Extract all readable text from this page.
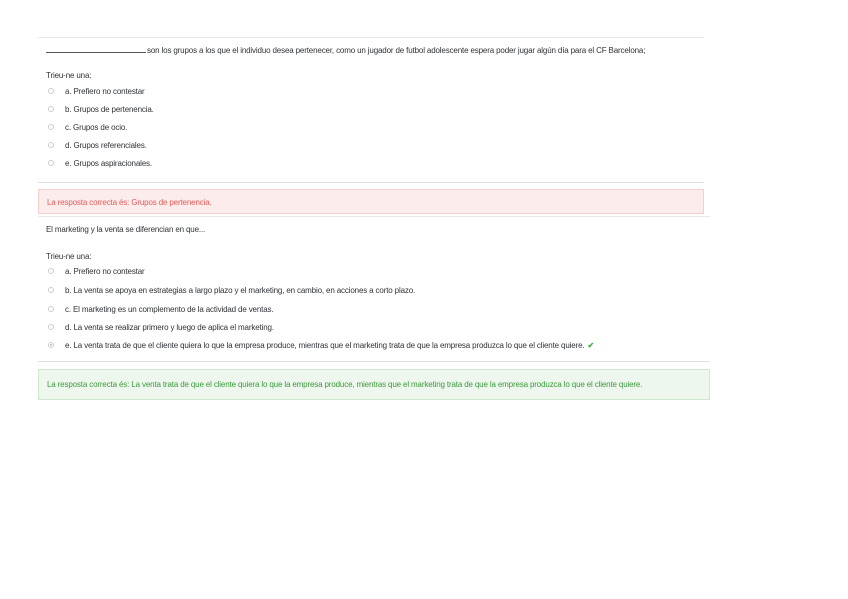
son los grupos a los que el individuo desea pertenecer, como un jugador de futbol adolescente espera poder jugar algún día para el CF Barcelona;
Trieu-ne una:
a. Prefiero no contestar
b. Grupos de pertenencia.
c. Grupos de ocio.
d. Grupos referenciales.
e. Grupos aspiracionales.
La resposta correcta és: Grupos de pertenencia.
El marketing y la venta se diferencian en que...
Trieu-ne una:
a. Prefiero no contestar
b. La venta se apoya en estrategias a largo plazo y el marketing, en cambio, en acciones a corto plazo.
c. El marketing es un complemento de la actividad de ventas.
d. La venta se realizar primero y luego de aplica el marketing.
e. La venta trata de que el cliente quiera lo que la empresa produce, mientras que el marketing trata de que la empresa produzca lo que el cliente quiere. ✔
La resposta correcta és: La venta trata de que el cliente quiera lo que la empresa produce, mientras que el marketing trata de que la empresa produzca lo que el cliente quiere.
